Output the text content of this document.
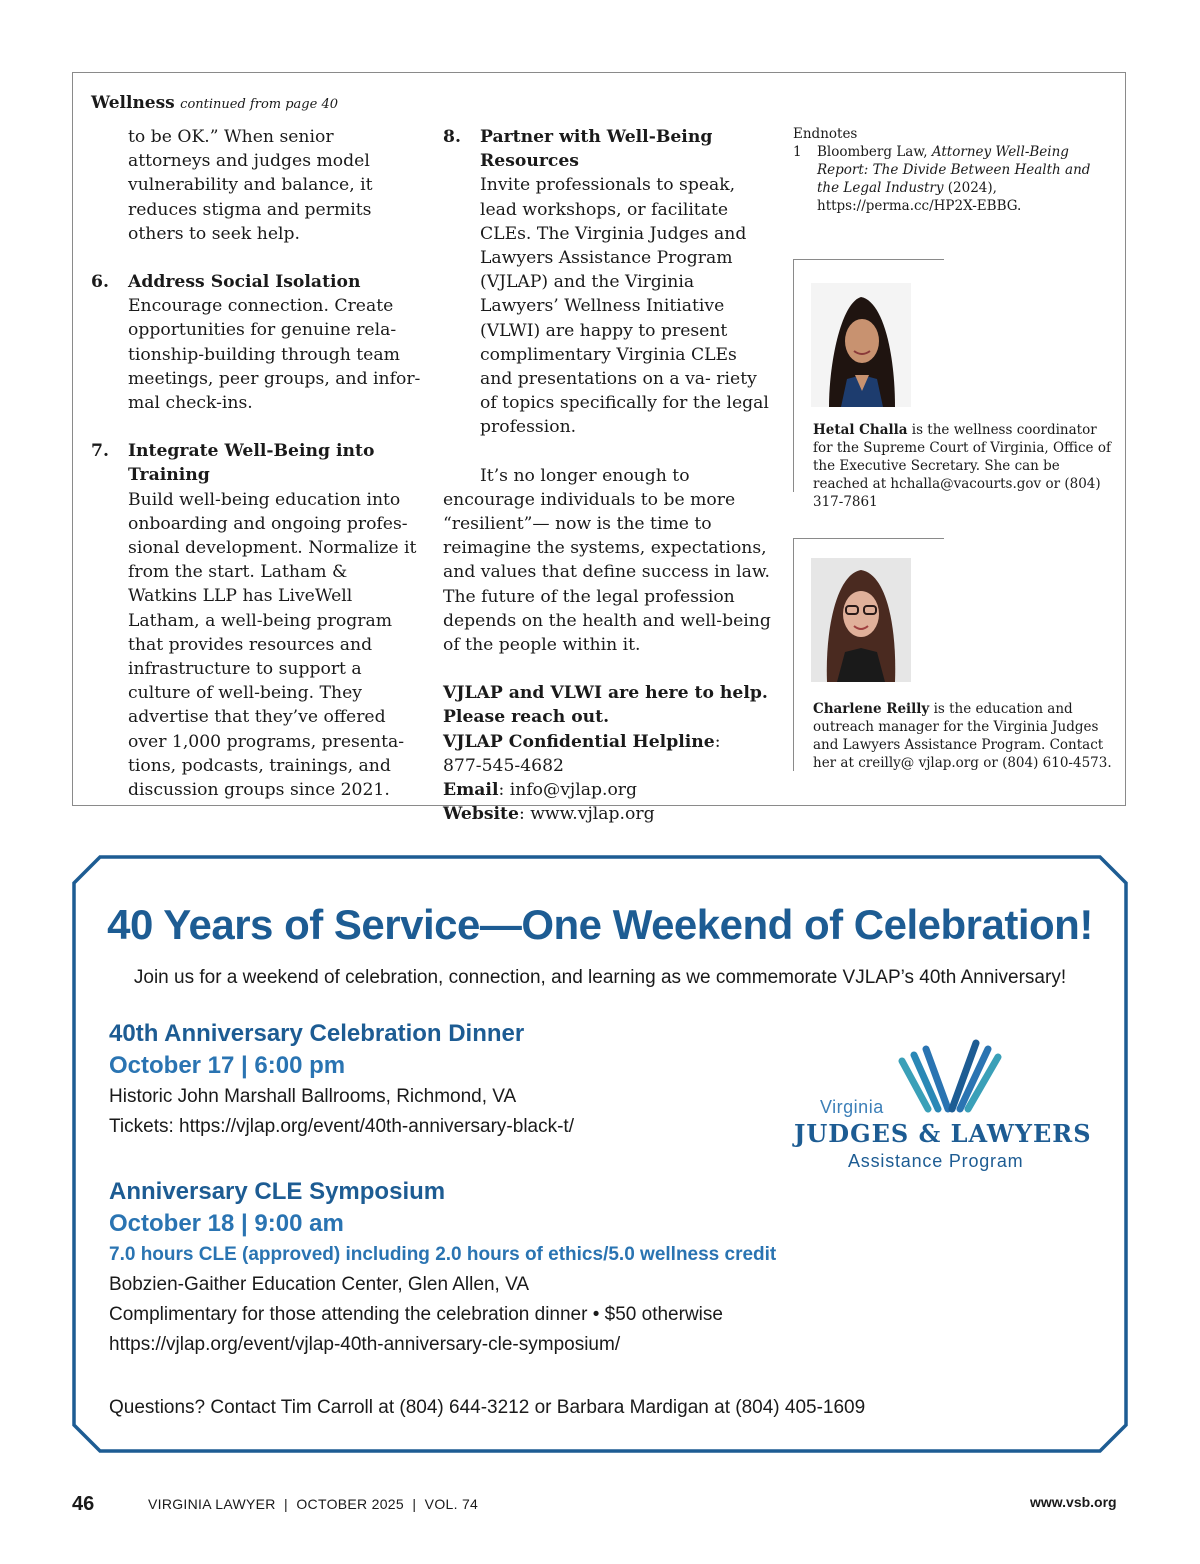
Wellness continued from page 40

to be OK.” When senior attorneys and judges model vulnerability and balance, it reduces stigma and permits others to seek help.

6. Address Social Isolation
Encourage connection. Create opportunities for genuine rela- tionship-building through team meetings, peer groups, and infor- mal check-ins.
7. Integrate Well-Being into Training
Build well-being education into onboarding and ongoing profes- sional development. Normalize it from the start. Latham & Watkins LLP has LiveWell Latham, a well-being program that provides resources and infrastructure to support a culture of well-being. They advertise that they’ve offered over 1,000 programs, presenta- tions, podcasts, trainings, and discussion groups since 2021.
8. Partner with Well-Being Resources
Invite professionals to speak, lead workshops, or facilitate CLEs. The Virginia Judges and Lawyers Assistance Program (VJLAP) and the Virginia Lawyers’ Wellness Initiative (VLWI) are happy to present complimentary Virginia CLEs and presentations on a va- riety of topics specifically for the legal profession.

It’s no longer enough to encourage individuals to be more “resilient”— now is the time to reimagine the systems, expectations, and values that define success in law. The future of the legal profession depends on the health and well-being of the people within it.

VJLAP and VLWI are here to help.

Please reach out.

VJLAP Confidential Helpline:

877-545-4682

Email: info@vjlap.org

Website: www.vjlap.org

Endnotes
1 Bloomberg Law, Attorney Well-Being Report: The Divide Between Health and the Legal Industry (2024), https://perma.cc/HP2X-EBBG.
Hetal Challa is the wellness coordinator for the Supreme Court of Virginia, Office of the Executive Secretary. She can be reached at hchalla@vacourts.gov or (804) 317-7861
Charlene Reilly is the education and outreach manager for the Virginia Judges and Lawyers Assistance Program. Contact her at creilly@ vjlap.org or (804) 610-4573.
40 Years of Service—One Weekend of Celebration!
Join us for a weekend of celebration, connection, and learning as we commemorate VJLAP’s 40th Anniversary!
40th Anniversary Celebration Dinner
October 17 | 6:00 pm
Historic John Marshall Ballrooms, Richmond, VA
Tickets: https://vjlap.org/event/40th-anniversary-black-t/
Anniversary CLE Symposium
October 18 | 9:00 am
7.0 hours CLE (approved) including 2.0 hours of ethics/5.0 wellness credit
Bobzien-Gaither Education Center, Glen Allen, VA
Complimentary for those attending the celebration dinner • $50 otherwise
https://vjlap.org/event/vjlap-40th-anniversary-cle-symposium/
Questions? Contact Tim Carroll at (804) 644-3212 or Barbara Mardigan at (804) 405-1609
Virginia
JUDGES & LAWYERS
Assistance Program
46	VIRGINIA LAWYER  |  OCTOBER 2025  |  VOL. 74	www.vsb.org
